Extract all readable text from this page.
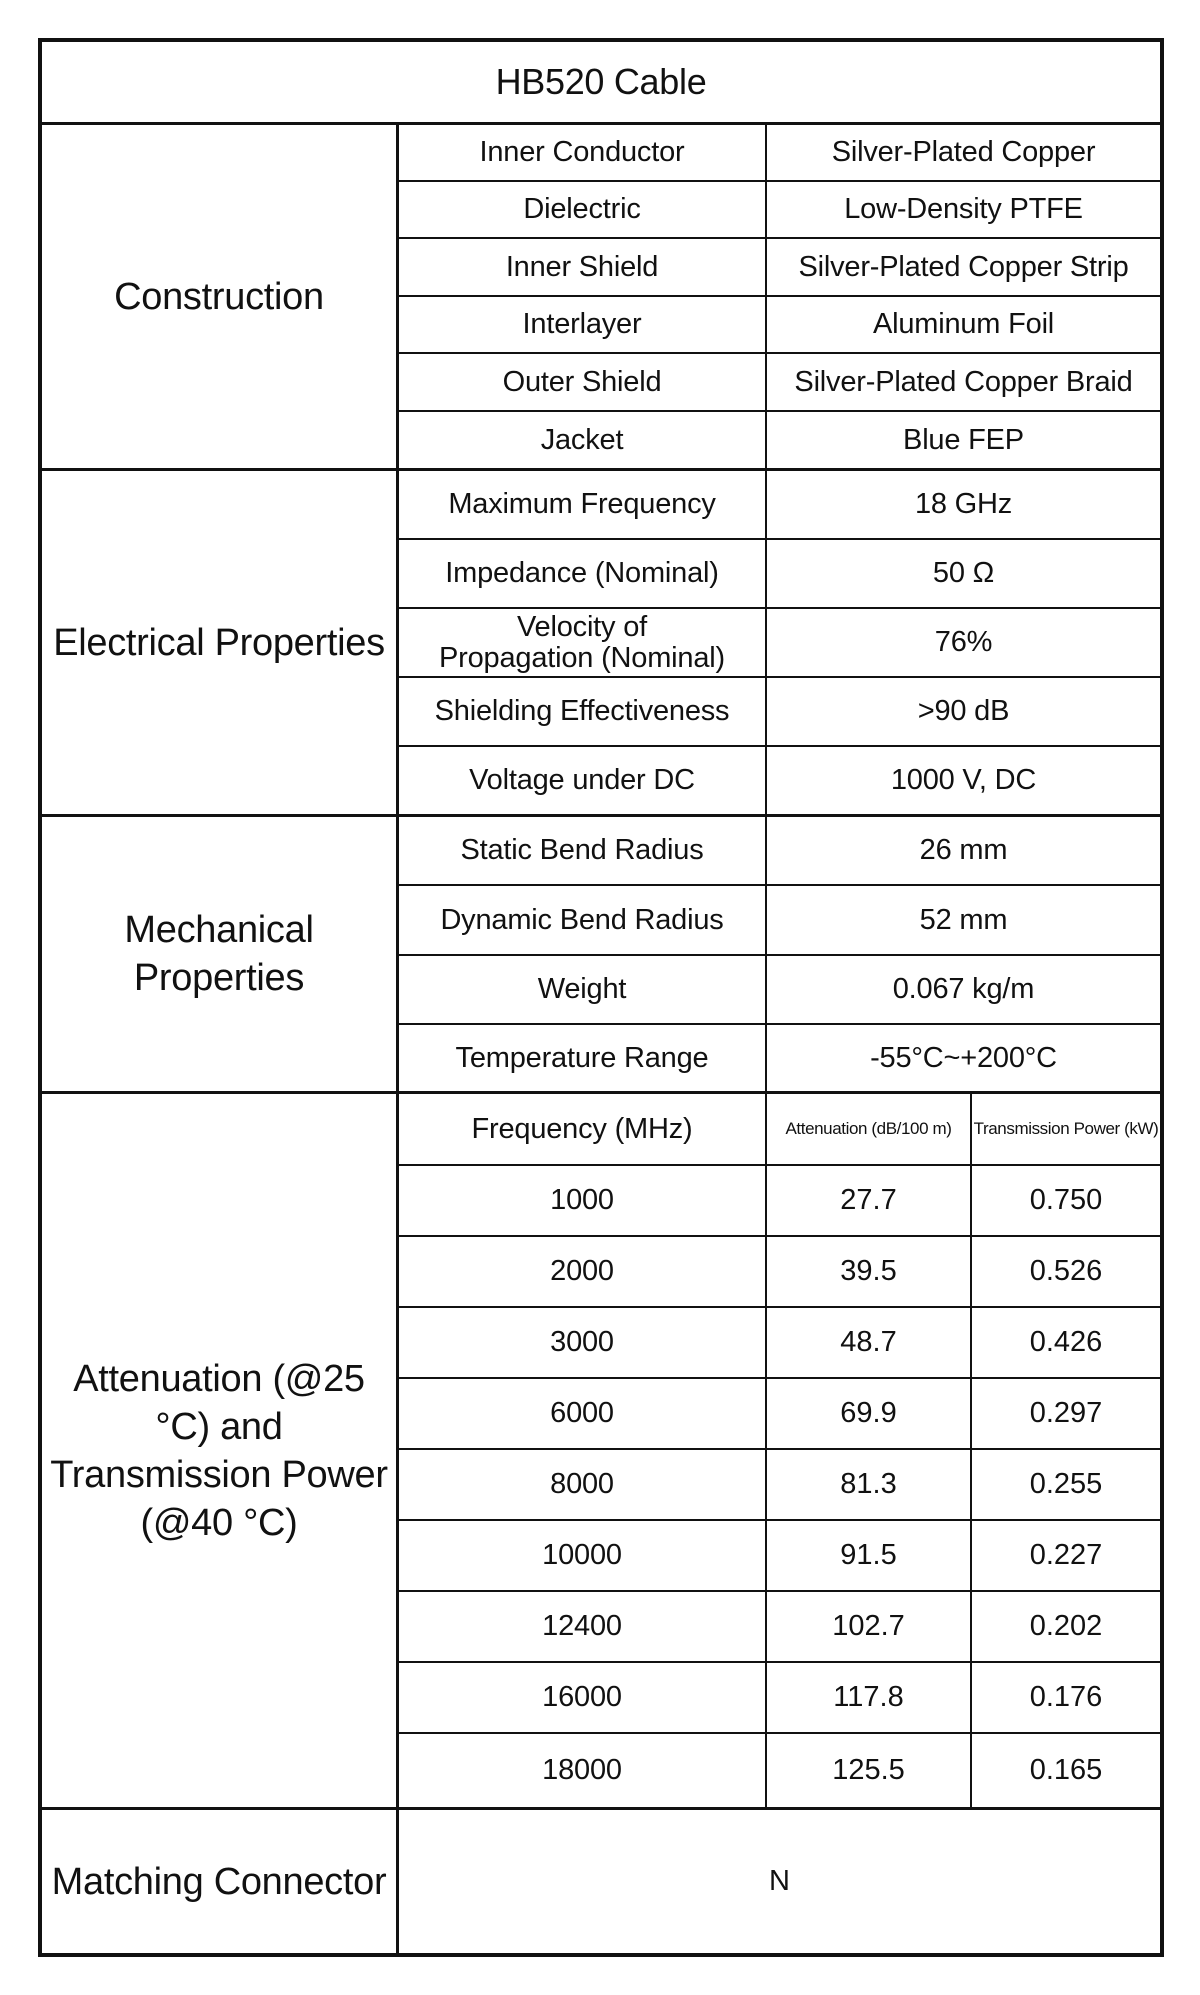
HB520 Cable
Construction
Inner Conductor	Silver-Plated Copper
Dielectric	Low-Density PTFE
Inner Shield	Silver-Plated Copper Strip
Interlayer	Aluminum Foil
Outer Shield	Silver-Plated Copper Braid
Jacket	Blue FEP
Electrical Properties
Maximum Frequency	18 GHz
Impedance (Nominal)	50 Ω
Velocity of Propagation (Nominal)	76%
Shielding Effectiveness	>90 dB
Voltage under DC	1000 V, DC
Mechanical Properties
Static Bend Radius	26 mm
Dynamic Bend Radius	52 mm
Weight	0.067 kg/m
Temperature Range	-55°C~+200°C
Attenuation (@25 °C) and Transmission Power (@40 °C)
Frequency (MHz)	Attenuation (dB/100 m)	Transmission Power (kW)
1000	27.7	0.750
2000	39.5	0.526
3000	48.7	0.426
6000	69.9	0.297
8000	81.3	0.255
10000	91.5	0.227
12400	102.7	0.202
16000	117.8	0.176
18000	125.5	0.165
Matching Connector	N
